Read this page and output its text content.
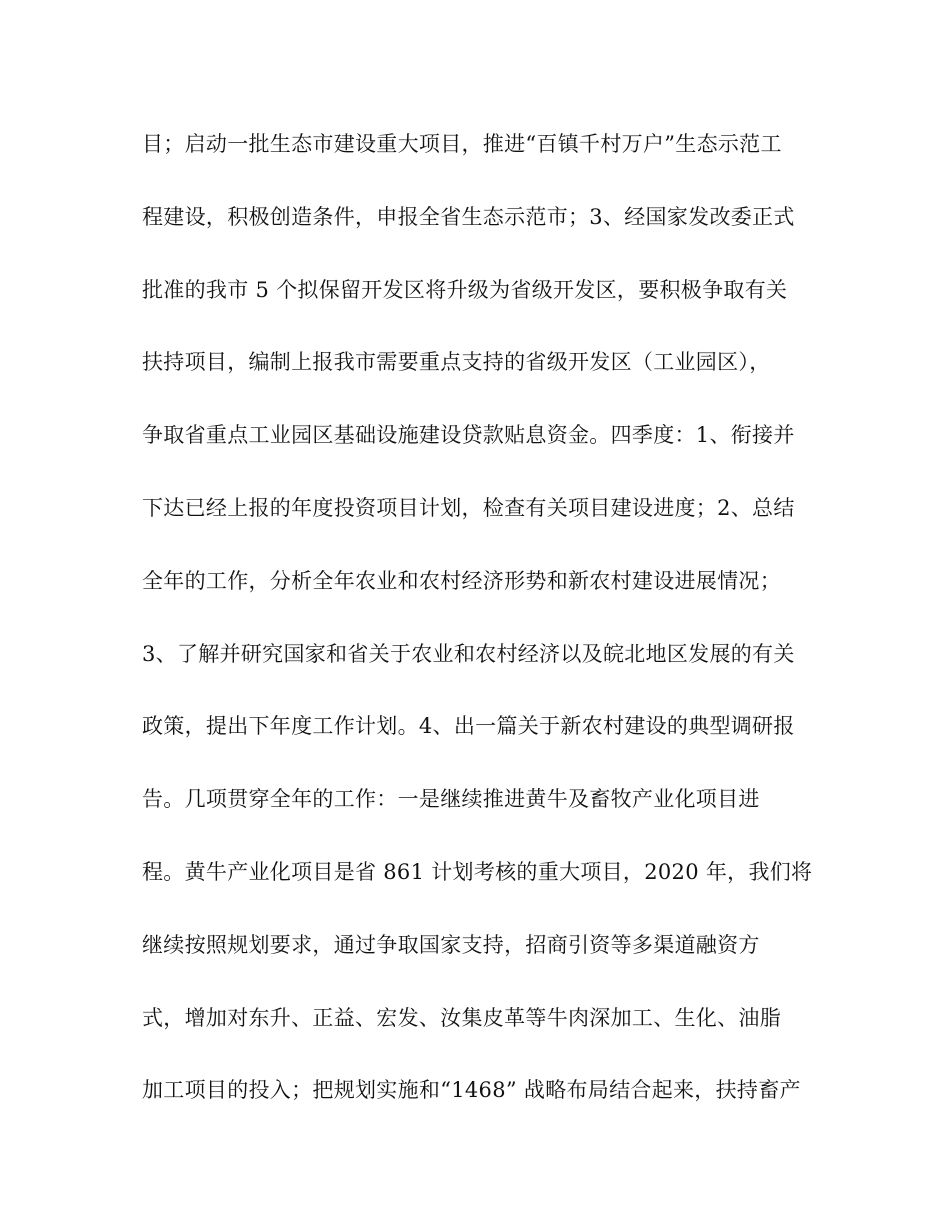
目；启动一批生态市建设重大项目，推进“百镇千村万户”生态示范工
程建设，积极创造条件，申报全省生态示范市；3、经国家发改委正式
批准的我市 5 个拟保留开发区将升级为省级开发区，要积极争取有关
扶持项目，编制上报我市需要重点支持的省级开发区（工业园区），
争取省重点工业园区基础设施建设贷款贴息资金。四季度：1、衔接并
下达已经上报的年度投资项目计划，检查有关项目建设进度；2、总结
全年的工作，分析全年农业和农村经济形势和新农村建设进展情况；
3、了解并研究国家和省关于农业和农村经济以及皖北地区发展的有关
政策，提出下年度工作计划。4、出一篇关于新农村建设的典型调研报
告。几项贯穿全年的工作：一是继续推进黄牛及畜牧产业化项目进
程。黄牛产业化项目是省 861 计划考核的重大项目，2020 年，我们将
继续按照规划要求，通过争取国家支持，招商引资等多渠道融资方
式，增加对东升、正益、宏发、汝集皮革等牛肉深加工、生化、油脂
加工项目的投入；把规划实施和“1468” 战略布局结合起来，扶持畜产
